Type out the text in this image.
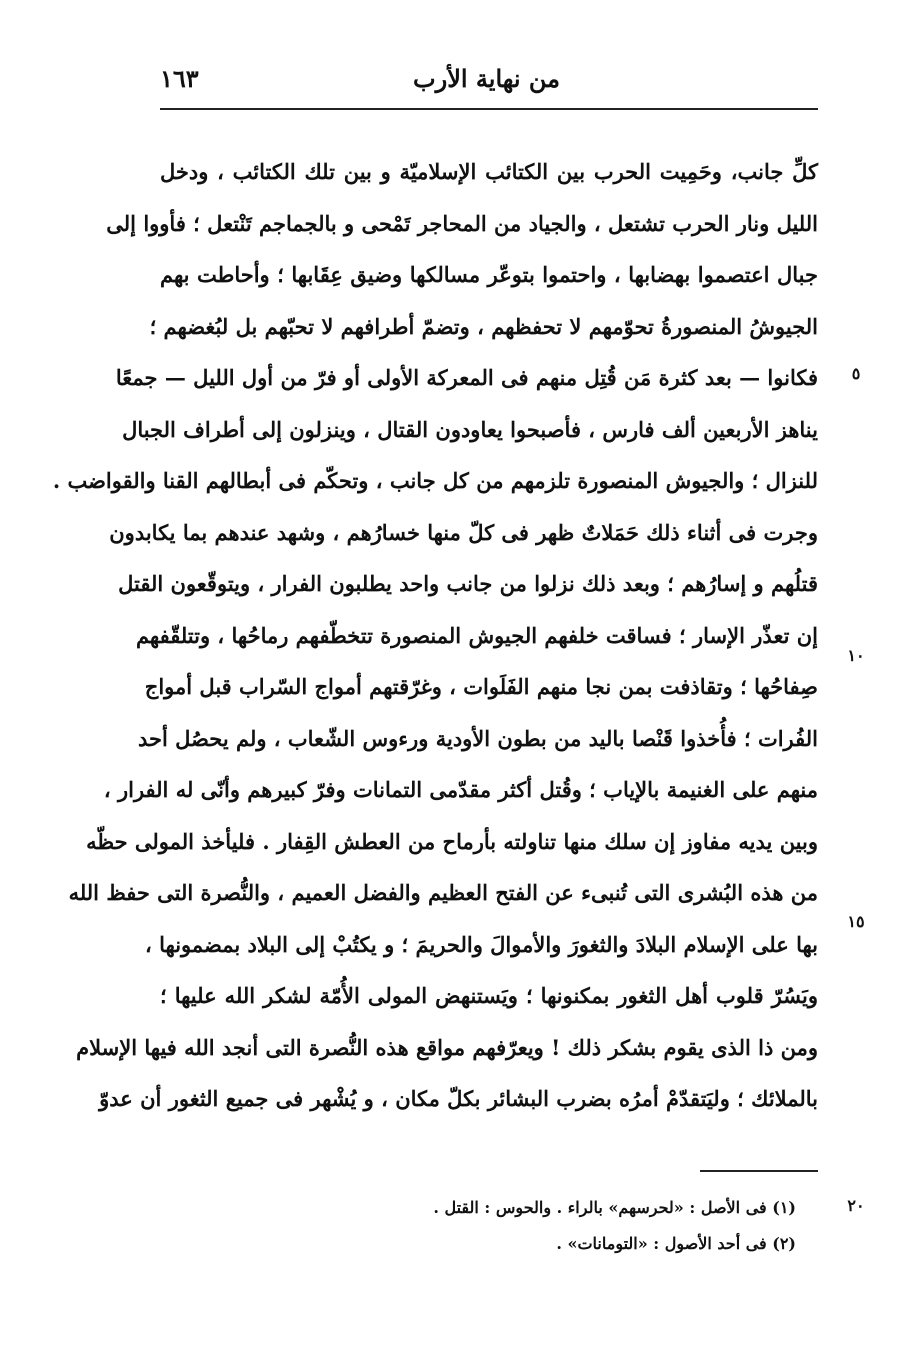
من نهاية الأرب
١٦٣
كلِّ جانب، وحَمِيت الحرب بين الكتائب الإسلاميّة و بين تلك الكتائب ، ودخل
الليل ونار الحرب تشتعل ، والجياد من المحاجر تَمْحى و بالجماجم تَنْتعل ؛ فأووا إلى
جبال اعتصموا بهضابها ، واحتموا بتوعّر مسالكها وضيق عِقَابها ؛ وأحاطت بهم
الجيوشُ المنصورةُ تحوّمهم لا تحفظهم ، وتضمّ أطرافهم لا تحبّهم بل لبُغضهم ؛
فكانوا — بعد كثرة مَن قُتِل منهم فى المعركة الأولى أو فرّ من أول الليل — جمعًا
يناهز الأربعين ألف فارس ، فأصبحوا يعاودون القتال ، وينزلون إلى أطراف الجبال
للنزال ؛ والجيوش المنصورة تلزمهم من كل جانب ، وتحكّم فى أبطالهم القنا والقواضب .
وجرت فى أثناء ذلك حَمَلاتٌ ظهر فى كلّ منها خسارُهم ، وشهد عندهم بما يكابدون
قتلُهم و إسارُهم ؛ وبعد ذلك نزلوا من جانب واحد يطلبون الفرار ، ويتوقّعون القتل
إن تعذّر الإسار ؛ فساقت خلفهم الجيوش المنصورة تتخطّفهم رماحُها ، وتتلقّفهم
صِفاحُها ؛ وتقاذفت بمن نجا منهم الفَلَوات ، وغرّقتهم أمواج السّراب قبل أمواج
الفُرات ؛ فأُخذوا قَنْصا باليد من بطون الأودية ورءوس الشّعاب ، ولم يحصُل أحد
منهم على الغنيمة بالإياب ؛ وقُتل أكثر مقدّمى التمانات وفرّ كبيرهم وأنّى له الفرار ،
وبين يديه مفاوز إن سلك منها تناولته بأرماح من العطش القِفار . فليأخذ المولى حظّه
من هذه البُشرى التى تُنبىء عن الفتح العظيم والفضل العميم ، والنُّصرة التى حفظ الله
بها على الإسلام البلادَ والثغورَ والأموالَ والحريمَ ؛ و يكتُبْ إلى البلاد بمضمونها ،
ويَسُرّ قلوب أهل الثغور بمكنونها ؛ ويَستنهض المولى الأُمّة لشكر الله عليها ؛
ومن ذا الذى يقوم بشكر ذلك ! ويعرّفهم مواقع هذه النُّصرة التى أنجد الله فيها الإسلام
بالملائك ؛ وليَتقدّمْ أمرُه بضرب البشائر بكلّ مكان ، و يُشْهر فى جميع الثغور أن عدوّ
٥
١٠
١٥
٢٠
(١) فى الأصل : «لحرسهم» بالراء . والحوس : القتل .
(٢) فى أحد الأصول : «التومانات» .
